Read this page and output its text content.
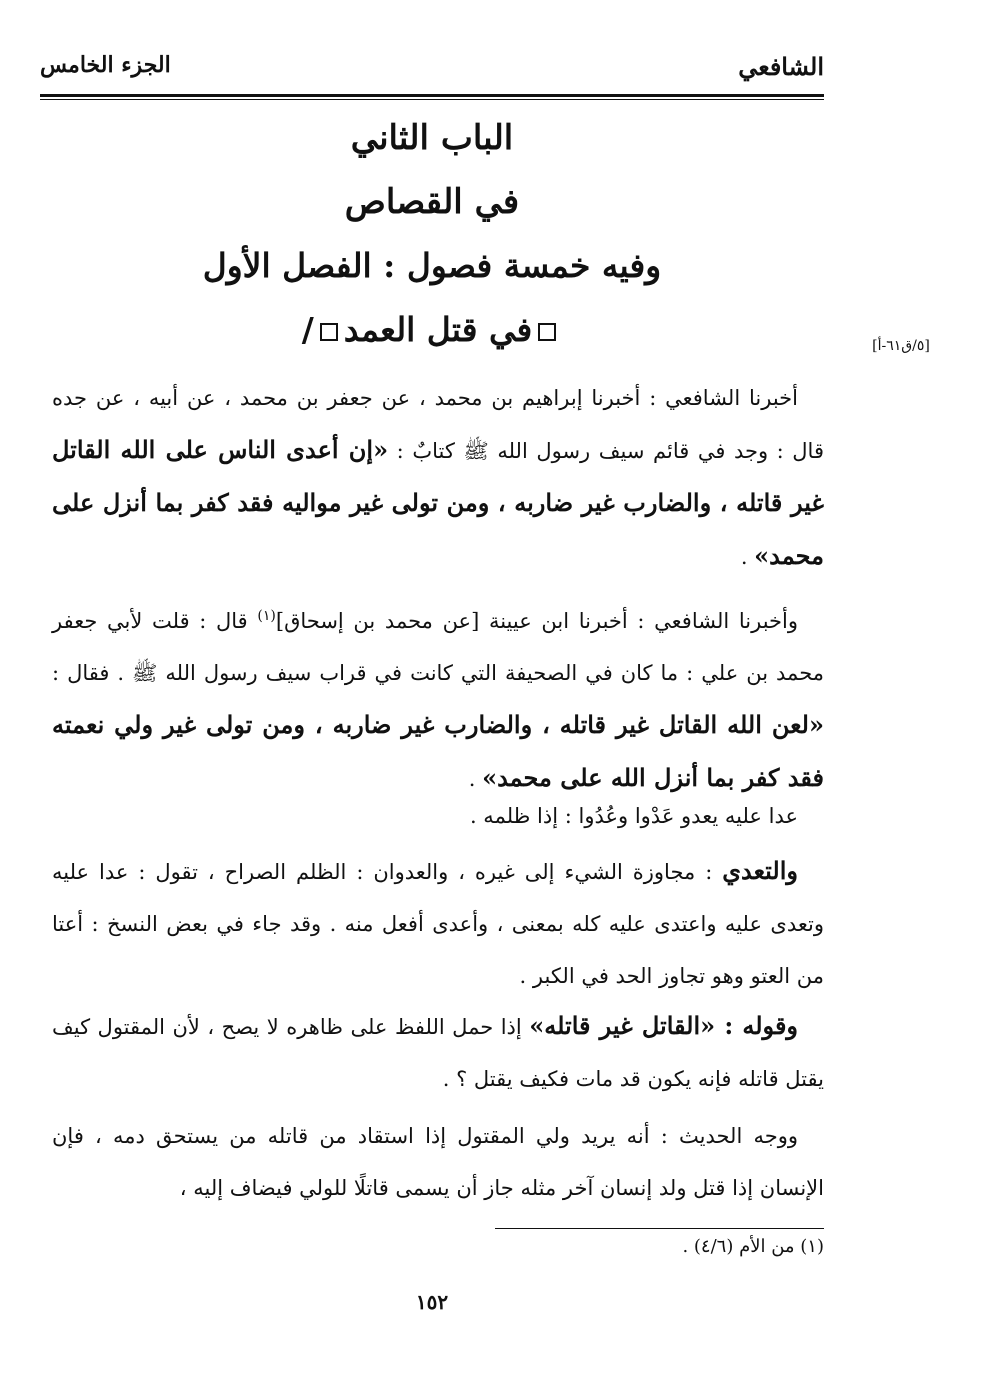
الشافعي
الجزء الخامس
الباب الثاني
في القصاص
وفيه خمسة فصول : الفصل الأول
في قتل العمد/	[٥/ق٦١-أ]

أخبرنا الشافعي : أخبرنا إبراهيم بن محمد ، عن جعفر بن محمد ، عن أبيه ، عن جده قال : وجد في قائم سيف رسول الله ﷺ كتابٌ : «إن أعدى الناس على الله القاتل غير قاتله ، والضارب غير ضاربه ، ومن تولى غير مواليه فقد كفر بما أنزل على محمد» .

وأخبرنا الشافعي : أخبرنا ابن عيينة [عن محمد بن إسحاق]$^{(١)}$ قال : قلت لأبي جعفر محمد بن علي : ما كان في الصحيفة التي كانت في قراب سيف رسول الله ﷺ . فقال : «لعن الله القاتل غير قاتله ، والضارب غير ضاربه ، ومن تولى غير ولي نعمته فقد كفر بما أنزل الله على محمد» .

عدا عليه يعدو عَدْوا وعُدُوا : إذا ظلمه .

والتعدي : مجاوزة الشيء إلى غيره ، والعدوان : الظلم الصراح ، تقول : عدا عليه وتعدى عليه واعتدى عليه كله بمعنى ، وأعدى أفعل منه . وقد جاء في بعض النسخ : أعتا من العتو وهو تجاوز الحد في الكبر .

وقوله : «القاتل غير قاتله» إذا حمل اللفظ على ظاهره لا يصح ، لأن المقتول كيف يقتل قاتله فإنه يكون قد مات فكيف يقتل ؟ .

ووجه الحديث : أنه يريد ولي المقتول إذا استقاد من قاتله من يستحق دمه ، فإن الإنسان إذا قتل ولد إنسان آخر مثله جاز أن يسمى قاتلًا للولي فيضاف إليه ،

(١) من الأم (٤/٦) .
١٥٢
